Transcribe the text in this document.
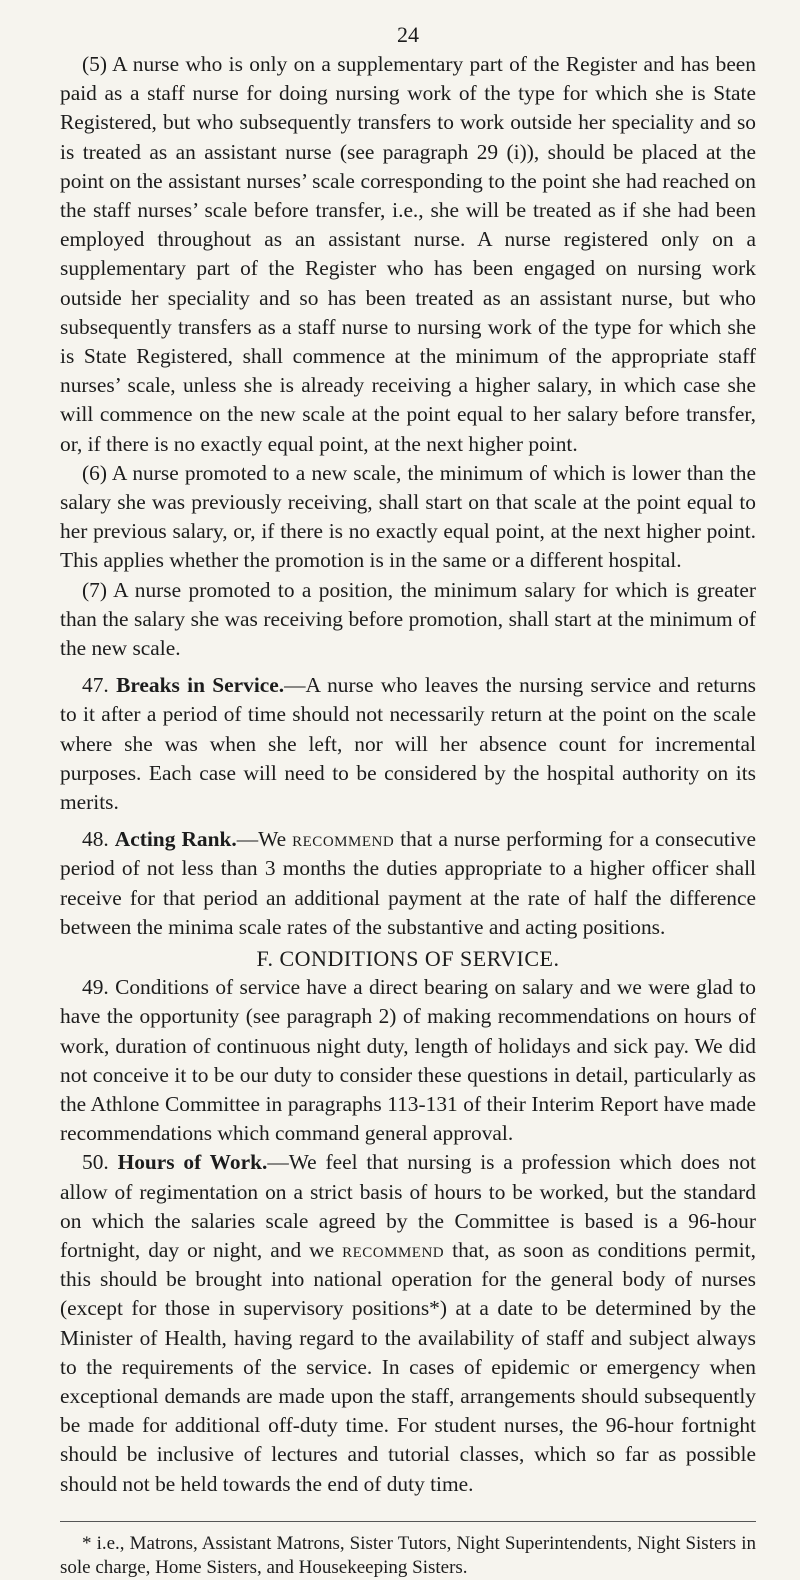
24

(5) A nurse who is only on a supplementary part of the Register and has been paid as a staff nurse for doing nursing work of the type for which she is State Registered, but who subsequently transfers to work outside her speciality and so is treated as an assistant nurse (see paragraph 29 (i)), should be placed at the point on the assistant nurses’ scale corresponding to the point she had reached on the staff nurses’ scale before transfer, i.e., she will be treated as if she had been employed throughout as an assistant nurse. A nurse registered only on a supplementary part of the Register who has been engaged on nursing work outside her speciality and so has been treated as an assistant nurse, but who subsequently transfers as a staff nurse to nursing work of the type for which she is State Registered, shall commence at the minimum of the appropriate staff nurses’ scale, unless she is already receiving a higher salary, in which case she will commence on the new scale at the point equal to her salary before transfer, or, if there is no exactly equal point, at the next higher point.

(6) A nurse promoted to a new scale, the minimum of which is lower than the salary she was previously receiving, shall start on that scale at the point equal to her previous salary, or, if there is no exactly equal point, at the next higher point. This applies whether the promotion is in the same or a different hospital.

(7) A nurse promoted to a position, the minimum salary for which is greater than the salary she was receiving before promotion, shall start at the minimum of the new scale.

47. Breaks in Service.—A nurse who leaves the nursing service and returns to it after a period of time should not necessarily return at the point on the scale where she was when she left, nor will her absence count for incremental purposes. Each case will need to be considered by the hospital authority on its merits.

48. Acting Rank.—We recommend that a nurse performing for a consecutive period of not less than 3 months the duties appropriate to a higher officer shall receive for that period an additional payment at the rate of half the difference between the minima scale rates of the substantive and acting positions.

F. CONDITIONS OF SERVICE.

49. Conditions of service have a direct bearing on salary and we were glad to have the opportunity (see paragraph 2) of making recommendations on hours of work, duration of continuous night duty, length of holidays and sick pay. We did not conceive it to be our duty to consider these questions in detail, particularly as the Athlone Committee in paragraphs 113-131 of their Interim Report have made recommendations which command general approval.

50. Hours of Work.—We feel that nursing is a profession which does not allow of regimentation on a strict basis of hours to be worked, but the standard on which the salaries scale agreed by the Committee is based is a 96-hour fortnight, day or night, and we recommend that, as soon as conditions permit, this should be brought into national operation for the general body of nurses (except for those in supervisory positions*) at a date to be determined by the Minister of Health, having regard to the availability of staff and subject always to the requirements of the service. In cases of epidemic or emergency when exceptional demands are made upon the staff, arrangements should subsequently be made for additional off-duty time. For student nurses, the 96-hour fortnight should be inclusive of lectures and tutorial classes, which so far as possible should not be held towards the end of duty time.

* i.e., Matrons, Assistant Matrons, Sister Tutors, Night Superintendents, Night Sisters in sole charge, Home Sisters, and Housekeeping Sisters.
